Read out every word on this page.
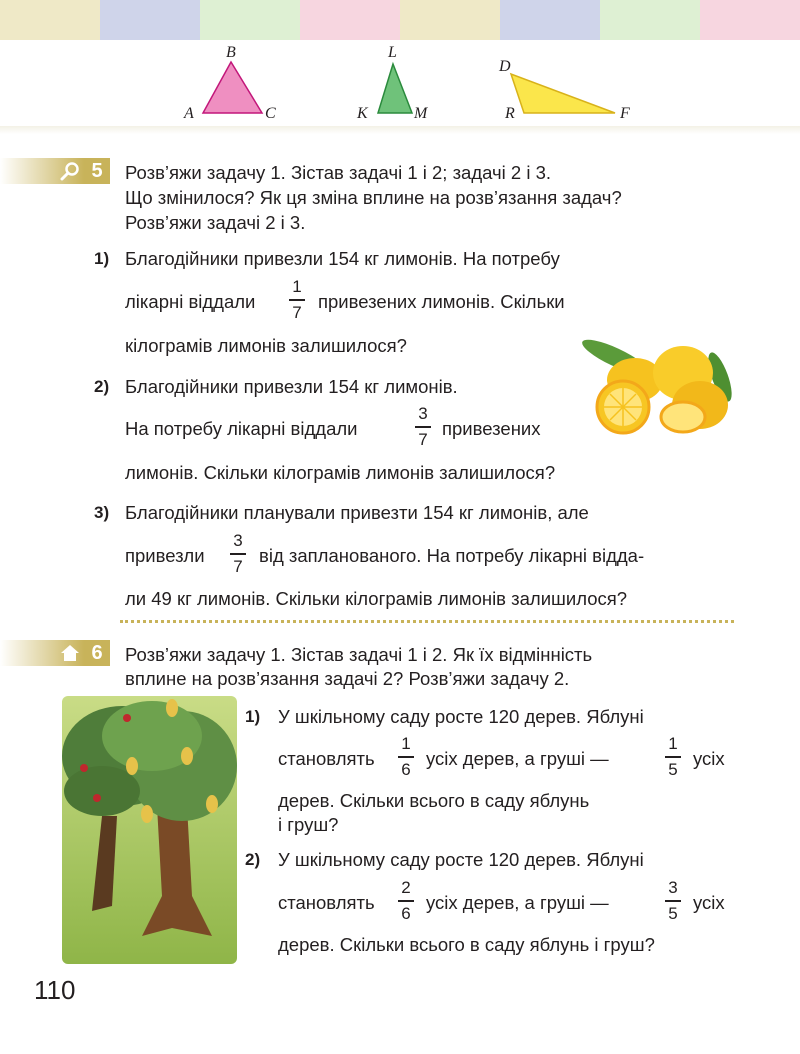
B
A	C
L
K	M
D
R	F
5	Розв’яжи задачу 1. Зістав задачі 1 і 2; задачі 2 і 3.
Що змінилося? Як ця зміна вплине на розв’язання задач?
Розв’яжи задачі 2 і 3.
1) Благодійники привезли 154 кг лимонів. На потребу
лікарні віддали
1
7 привезених лимонів. Скільки
кілограмів лимонів залишилося?
2) Благодійники привезли 154 кг лимонів.
На потребу лікарні віддали
3
7 привезених
лимонів. Скільки кілограмів лимонів залишилося?
3) Благодійники планували привезти 154 кг лимонів, але
привезли
3
7 від запланованого. На потребу лікарні відда-
ли 49 кг лимонів. Скільки кілограмів лимонів залишилося?
6	Розв’яжи задачу 1. Зістав задачі 1 і 2. Як їх відмінність
вплине на розв’язання задачі 2? Розв’яжи задачу 2.
1) У шкільному саду росте 120 дерев. Яблуні
становлять
1
6 усіх дерев, а груші —
1
5 усіх
дерев. Скільки всього в саду яблунь
і груш?
2) У шкільному саду росте 120 дерев. Яблуні
становлять
2
6 усіх дерев, а груші —
3
5 усіх
дерев. Скільки всього в саду яблунь і груш?
110
